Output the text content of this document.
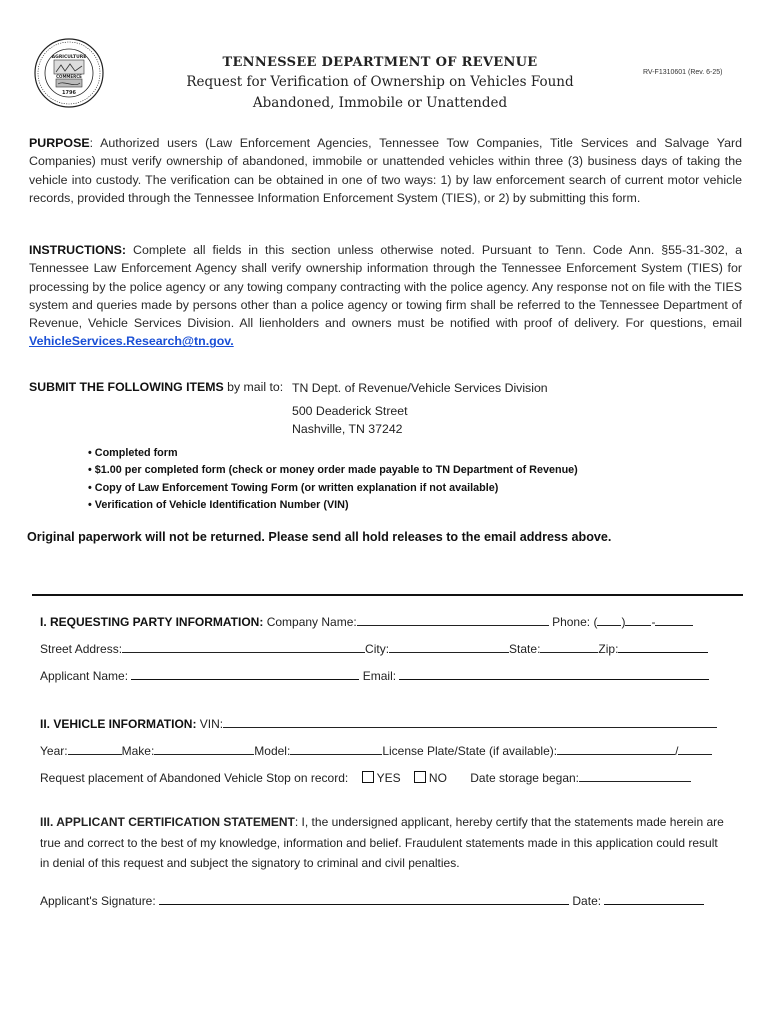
AGRICULTURE
COMMERCE
1796
TENNESSEE DEPARTMENT OF REVENUE
Request for Verification of Ownership on Vehicles Found
Abandoned, Immobile or Unattended
RV-F1310601 (Rev. 6-25)
PURPOSE: Authorized users (Law Enforcement Agencies, Tennessee Tow Companies, Title Services and Salvage Yard Companies) must verify ownership of abandoned, immobile or unattended vehicles within three (3) business days of taking the vehicle into custody. The verification can be obtained in one of two ways: 1) by law enforcement search of current motor vehicle records, provided through the Tennessee Information Enforcement System (TIES), or 2) by submitting this form.
INSTRUCTIONS: Complete all fields in this section unless otherwise noted. Pursuant to Tenn. Code Ann. §55-31-302, a Tennessee Law Enforcement Agency shall verify ownership information through the Tennessee Enforcement System (TIES) for processing by the police agency or any towing company contracting with the police agency. Any response not on file with the TIES system and queries made by persons other than a police agency or towing firm shall be referred to the Tennessee Department of Revenue, Vehicle Services Division. All lienholders and owners must be notified with proof of delivery. For questions, email VehicleServices.Research@tn.gov.
SUBMIT THE FOLLOWING ITEMS by mail to: TN Dept. of Revenue/Vehicle Services Division
500 Deaderick Street
Nashville, TN 37242
• Completed form
• $1.00 per completed form (check or money order made payable to TN Department of Revenue)
• Copy of Law Enforcement Towing Form (or written explanation if not available)
• Verification of Vehicle Identification Number (VIN)
Original paperwork will not be returned. Please send all hold releases to the email address above.
I. REQUESTING PARTY INFORMATION: Company Name:	Phone: ( ) -
Street Address:	City:	State:	Zip:
Applicant Name:	Email:
II. VEHICLE INFORMATION: VIN:
Year:	Make:	Model:	License Plate/State (if available):	/
Request placement of Abandoned Vehicle Stop on record: YES NO Date storage began:
III. APPLICANT CERTIFICATION STATEMENT: I, the undersigned applicant, hereby certify that the statements made herein are true and correct to the best of my knowledge, information and belief. Fraudulent statements made in this application could result in denial of this request and subject the signatory to criminal and civil penalties.
Applicant's Signature:	Date:
